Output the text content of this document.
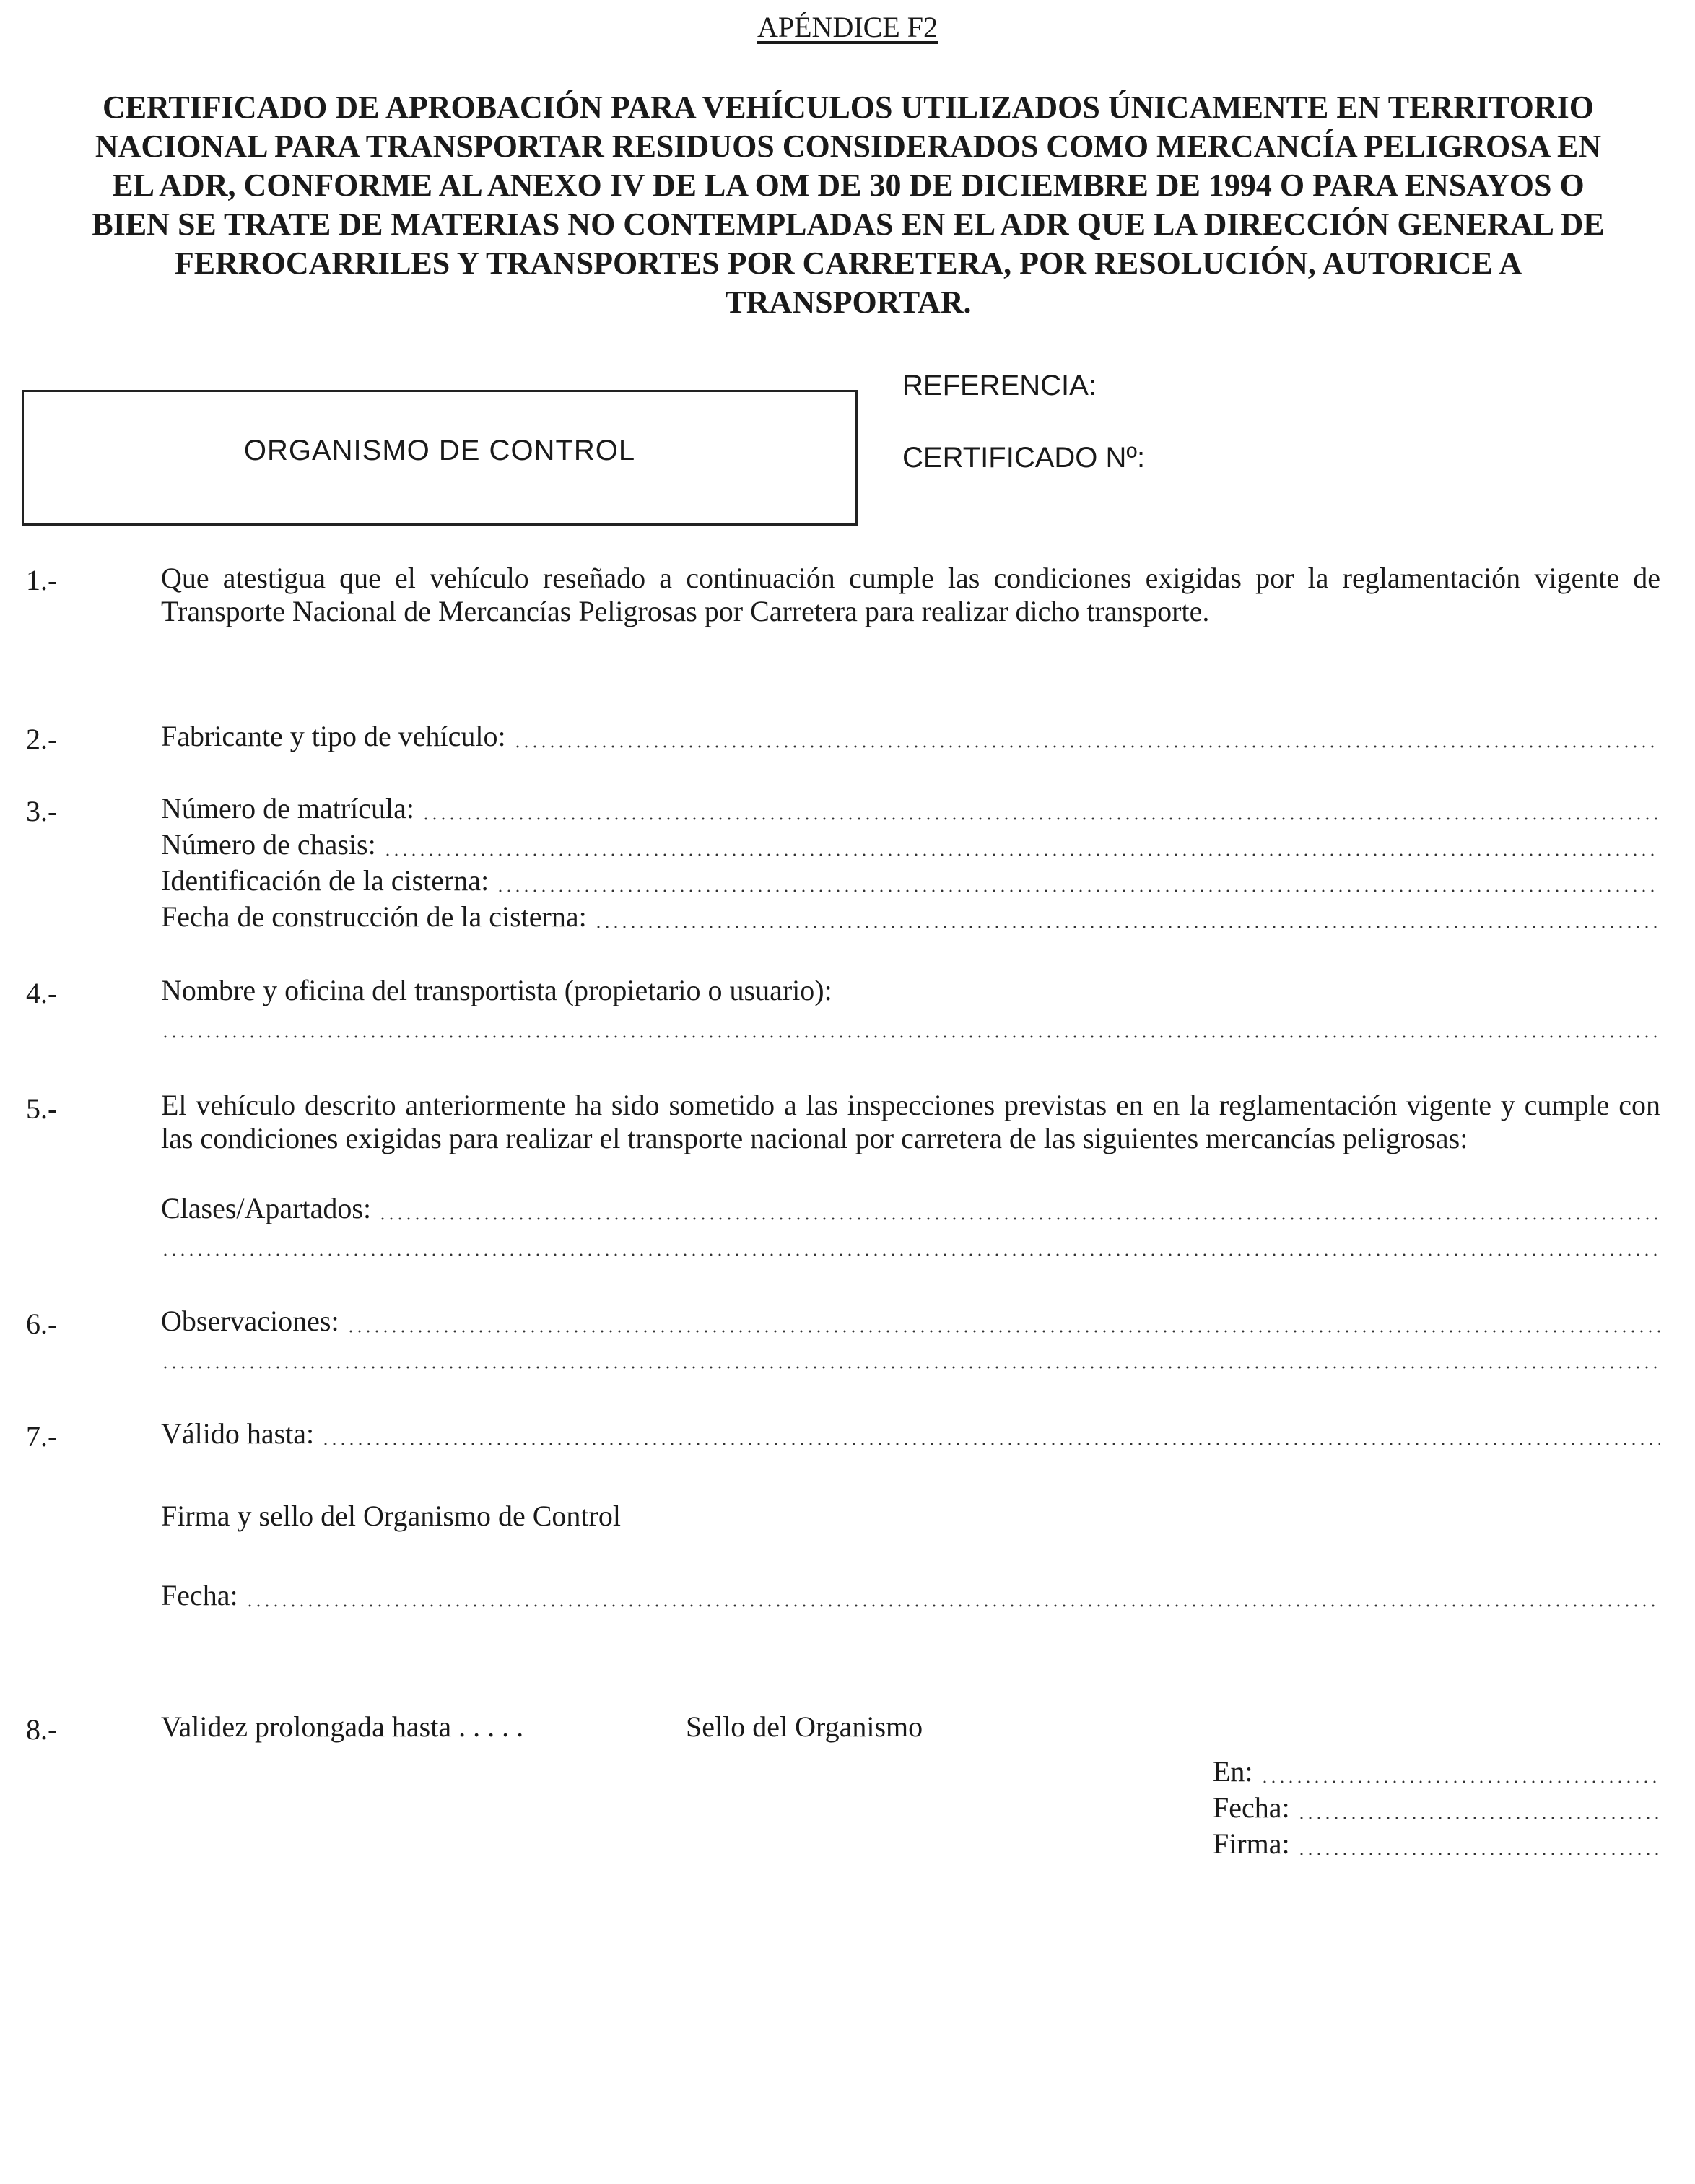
APÉNDICE F2
CERTIFICADO DE APROBACIÓN PARA VEHÍCULOS UTILIZADOS ÚNICAMENTE EN TERRITORIO NACIONAL PARA TRANSPORTAR RESIDUOS CONSIDERADOS COMO MERCANCÍA PELIGROSA EN EL ADR, CONFORME AL ANEXO IV DE LA OM DE 30 DE DICIEMBRE DE 1994 O PARA ENSAYOS O BIEN SE TRATE DE MATERIAS NO CONTEMPLADAS EN EL ADR QUE LA DIRECCIÓN GENERAL DE FERROCARRILES Y TRANSPORTES POR CARRETERA, POR RESOLUCIÓN, AUTORICE A TRANSPORTAR.
ORGANISMO DE CONTROL
REFERENCIA:
CERTIFICADO Nº:
1.-	Que atestigua que el vehículo reseñado a continuación cumple las condiciones exigidas por la reglamentación vigente de Transporte Nacional de Mercancías Peligrosas por Carretera para realizar dicho transporte.
2.-	Fabricante y tipo de vehículo:
3.-	Número de matrícula:
Número de chasis:
Identificación de la cisterna:
Fecha de construcción de la cisterna:
4.-	Nombre y oficina del transportista (propietario o usuario):
5.-	El vehículo descrito anteriormente ha sido sometido a las inspecciones previstas en en la reglamentación vigente y cumple con las condiciones exigidas para realizar el transporte nacional por carretera de las siguientes mercancías peligrosas:
Clases/Apartados:
6.-	Observaciones:
7.-	Válido hasta:
Firma y sello del Organismo de Control
Fecha:
8.-	Validez prolongada hasta . . . . .	Sello del Organismo
En:
Fecha:
Firma:
